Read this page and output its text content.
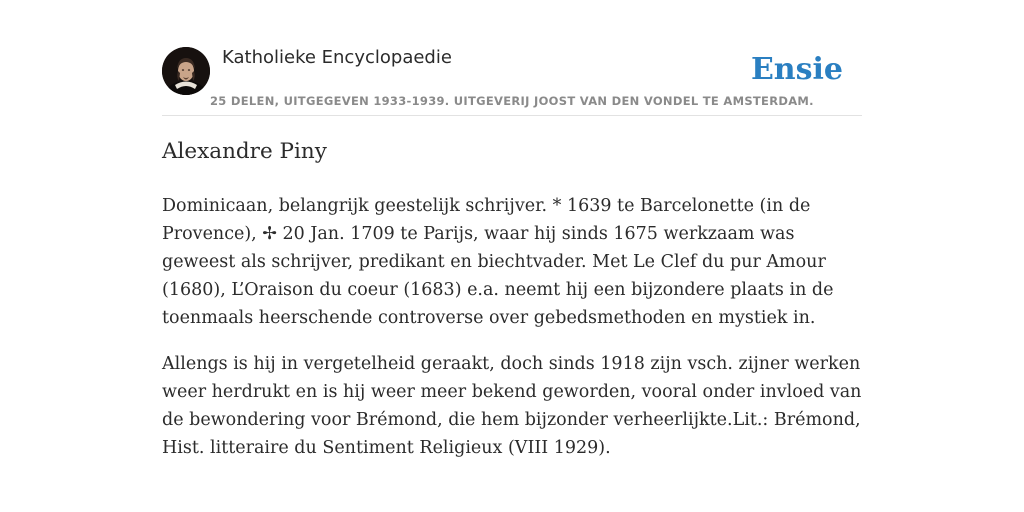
Katholieke Encyclopaedie	Ensie
25 DELEN, UITGEGEVEN 1933-1939. UITGEVERIJ JOOST VAN DEN VONDEL TE AMSTERDAM.
Alexandre Piny

Dominicaan, belangrijk geestelijk schrijver. * 1639 te Barcelonette (in de Provence), ✢ 20 Jan. 1709 te Parijs, waar hij sinds 1675 werkzaam was geweest als schrijver, predikant en biechtvader. Met Le Clef du pur Amour (1680), L’Oraison du coeur (1683) e.a. neemt hij een bijzondere plaats in de toenmaals heerschende controverse over gebedsmethoden en mystiek in.

Allengs is hij in vergetelheid geraakt, doch sinds 1918 zijn vsch. zijner werken weer herdrukt en is hij weer meer bekend geworden, vooral onder invloed van de bewondering voor Brémond, die hem bijzonder verheerlijkte.Lit.: Brémond, Hist. litteraire du Sentiment Religieux (VIII 1929).
